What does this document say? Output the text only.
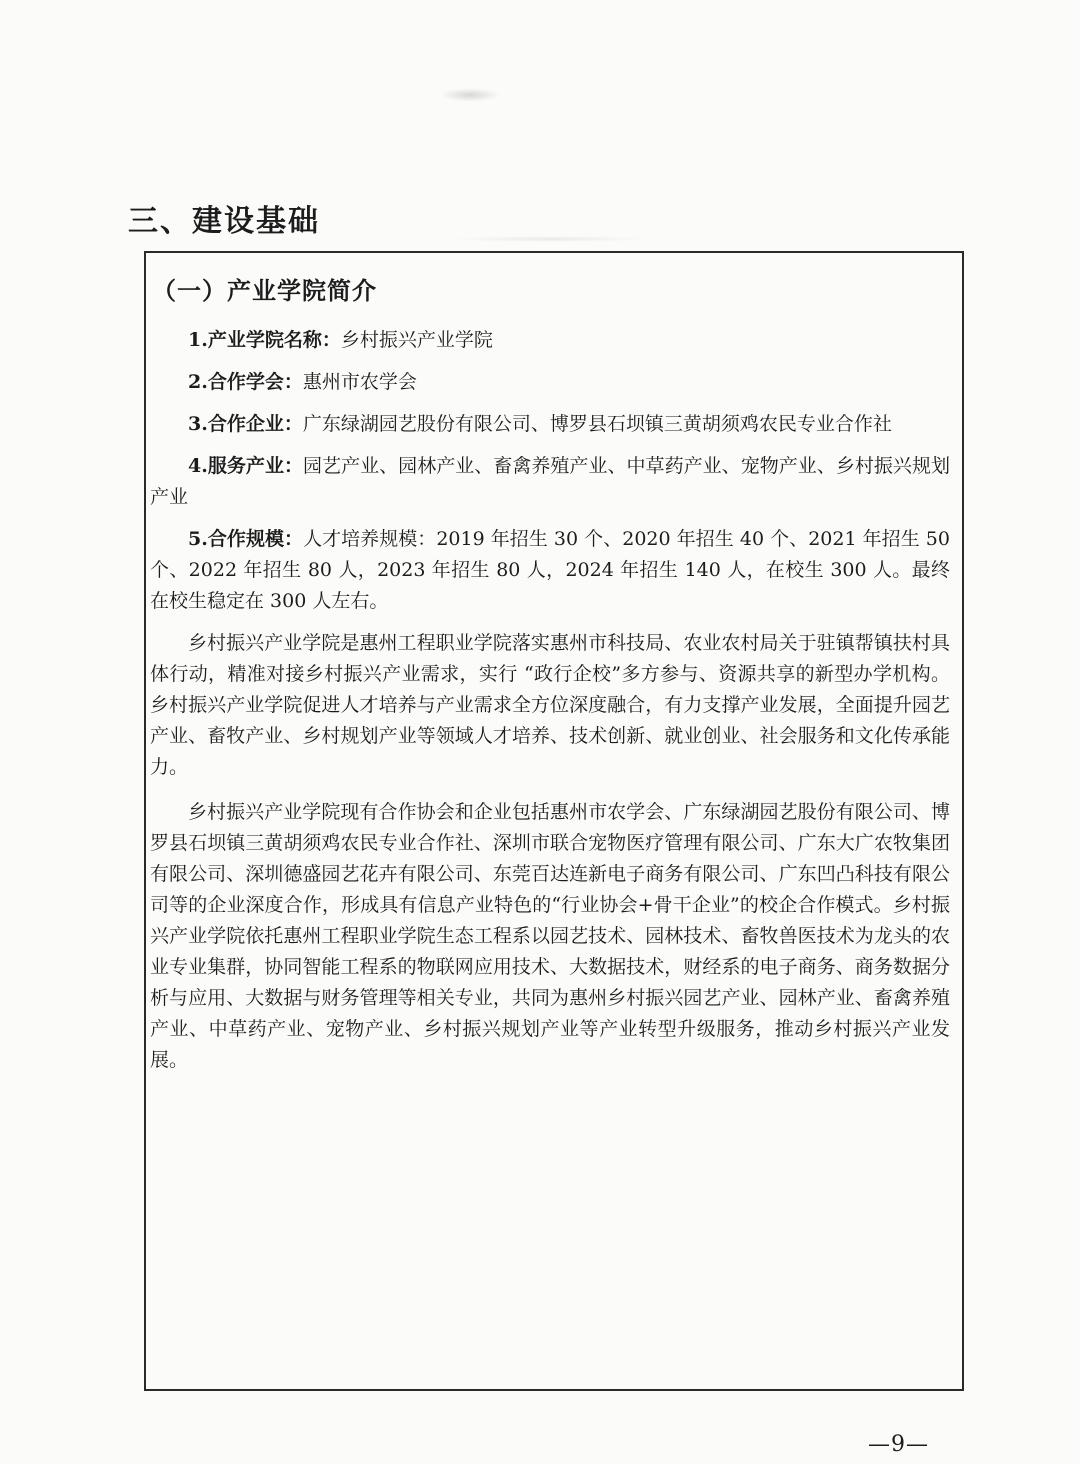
三、建设基础
（一）产业学院简介

1.产业学院名称：乡村振兴产业学院

2.合作学会：惠州市农学会

3.合作企业：广东绿湖园艺股份有限公司、博罗县石坝镇三黄胡须鸡农民专业合作社

4.服务产业：园艺产业、园林产业、畜禽养殖产业、中草药产业、宠物产业、乡村振兴规划产业

5.合作规模：人才培养规模：2019 年招生 30 个、2020 年招生 40 个、2021 年招生 50 个、2022 年招生 80 人，2023 年招生 80 人，2024 年招生 140 人，在校生 300 人。最终在校生稳定在 300 人左右。

乡村振兴产业学院是惠州工程职业学院落实惠州市科技局、农业农村局关于驻镇帮镇扶村具体行动，精准对接乡村振兴产业需求，实行 “政行企校”多方参与、资源共享的新型办学机构。乡村振兴产业学院促进人才培养与产业需求全方位深度融合，有力支撑产业发展，全面提升园艺产业、畜牧产业、乡村规划产业等领域人才培养、技术创新、就业创业、社会服务和文化传承能力。

乡村振兴产业学院现有合作协会和企业包括惠州市农学会、广东绿湖园艺股份有限公司、博罗县石坝镇三黄胡须鸡农民专业合作社、深圳市联合宠物医疗管理有限公司、广东大广农牧集团有限公司、深圳德盛园艺花卉有限公司、东莞百达连新电子商务有限公司、广东凹凸科技有限公司等的企业深度合作，形成具有信息产业特色的“行业协会+骨干企业”的校企合作模式。乡村振兴产业学院依托惠州工程职业学院生态工程系以园艺技术、园林技术、畜牧兽医技术为龙头的农业专业集群，协同智能工程系的物联网应用技术、大数据技术，财经系的电子商务、商务数据分析与应用、大数据与财务管理等相关专业，共同为惠州乡村振兴园艺产业、园林产业、畜禽养殖产业、中草药产业、宠物产业、乡村振兴规划产业等产业转型升级服务，推动乡村振兴产业发展。

—9—
